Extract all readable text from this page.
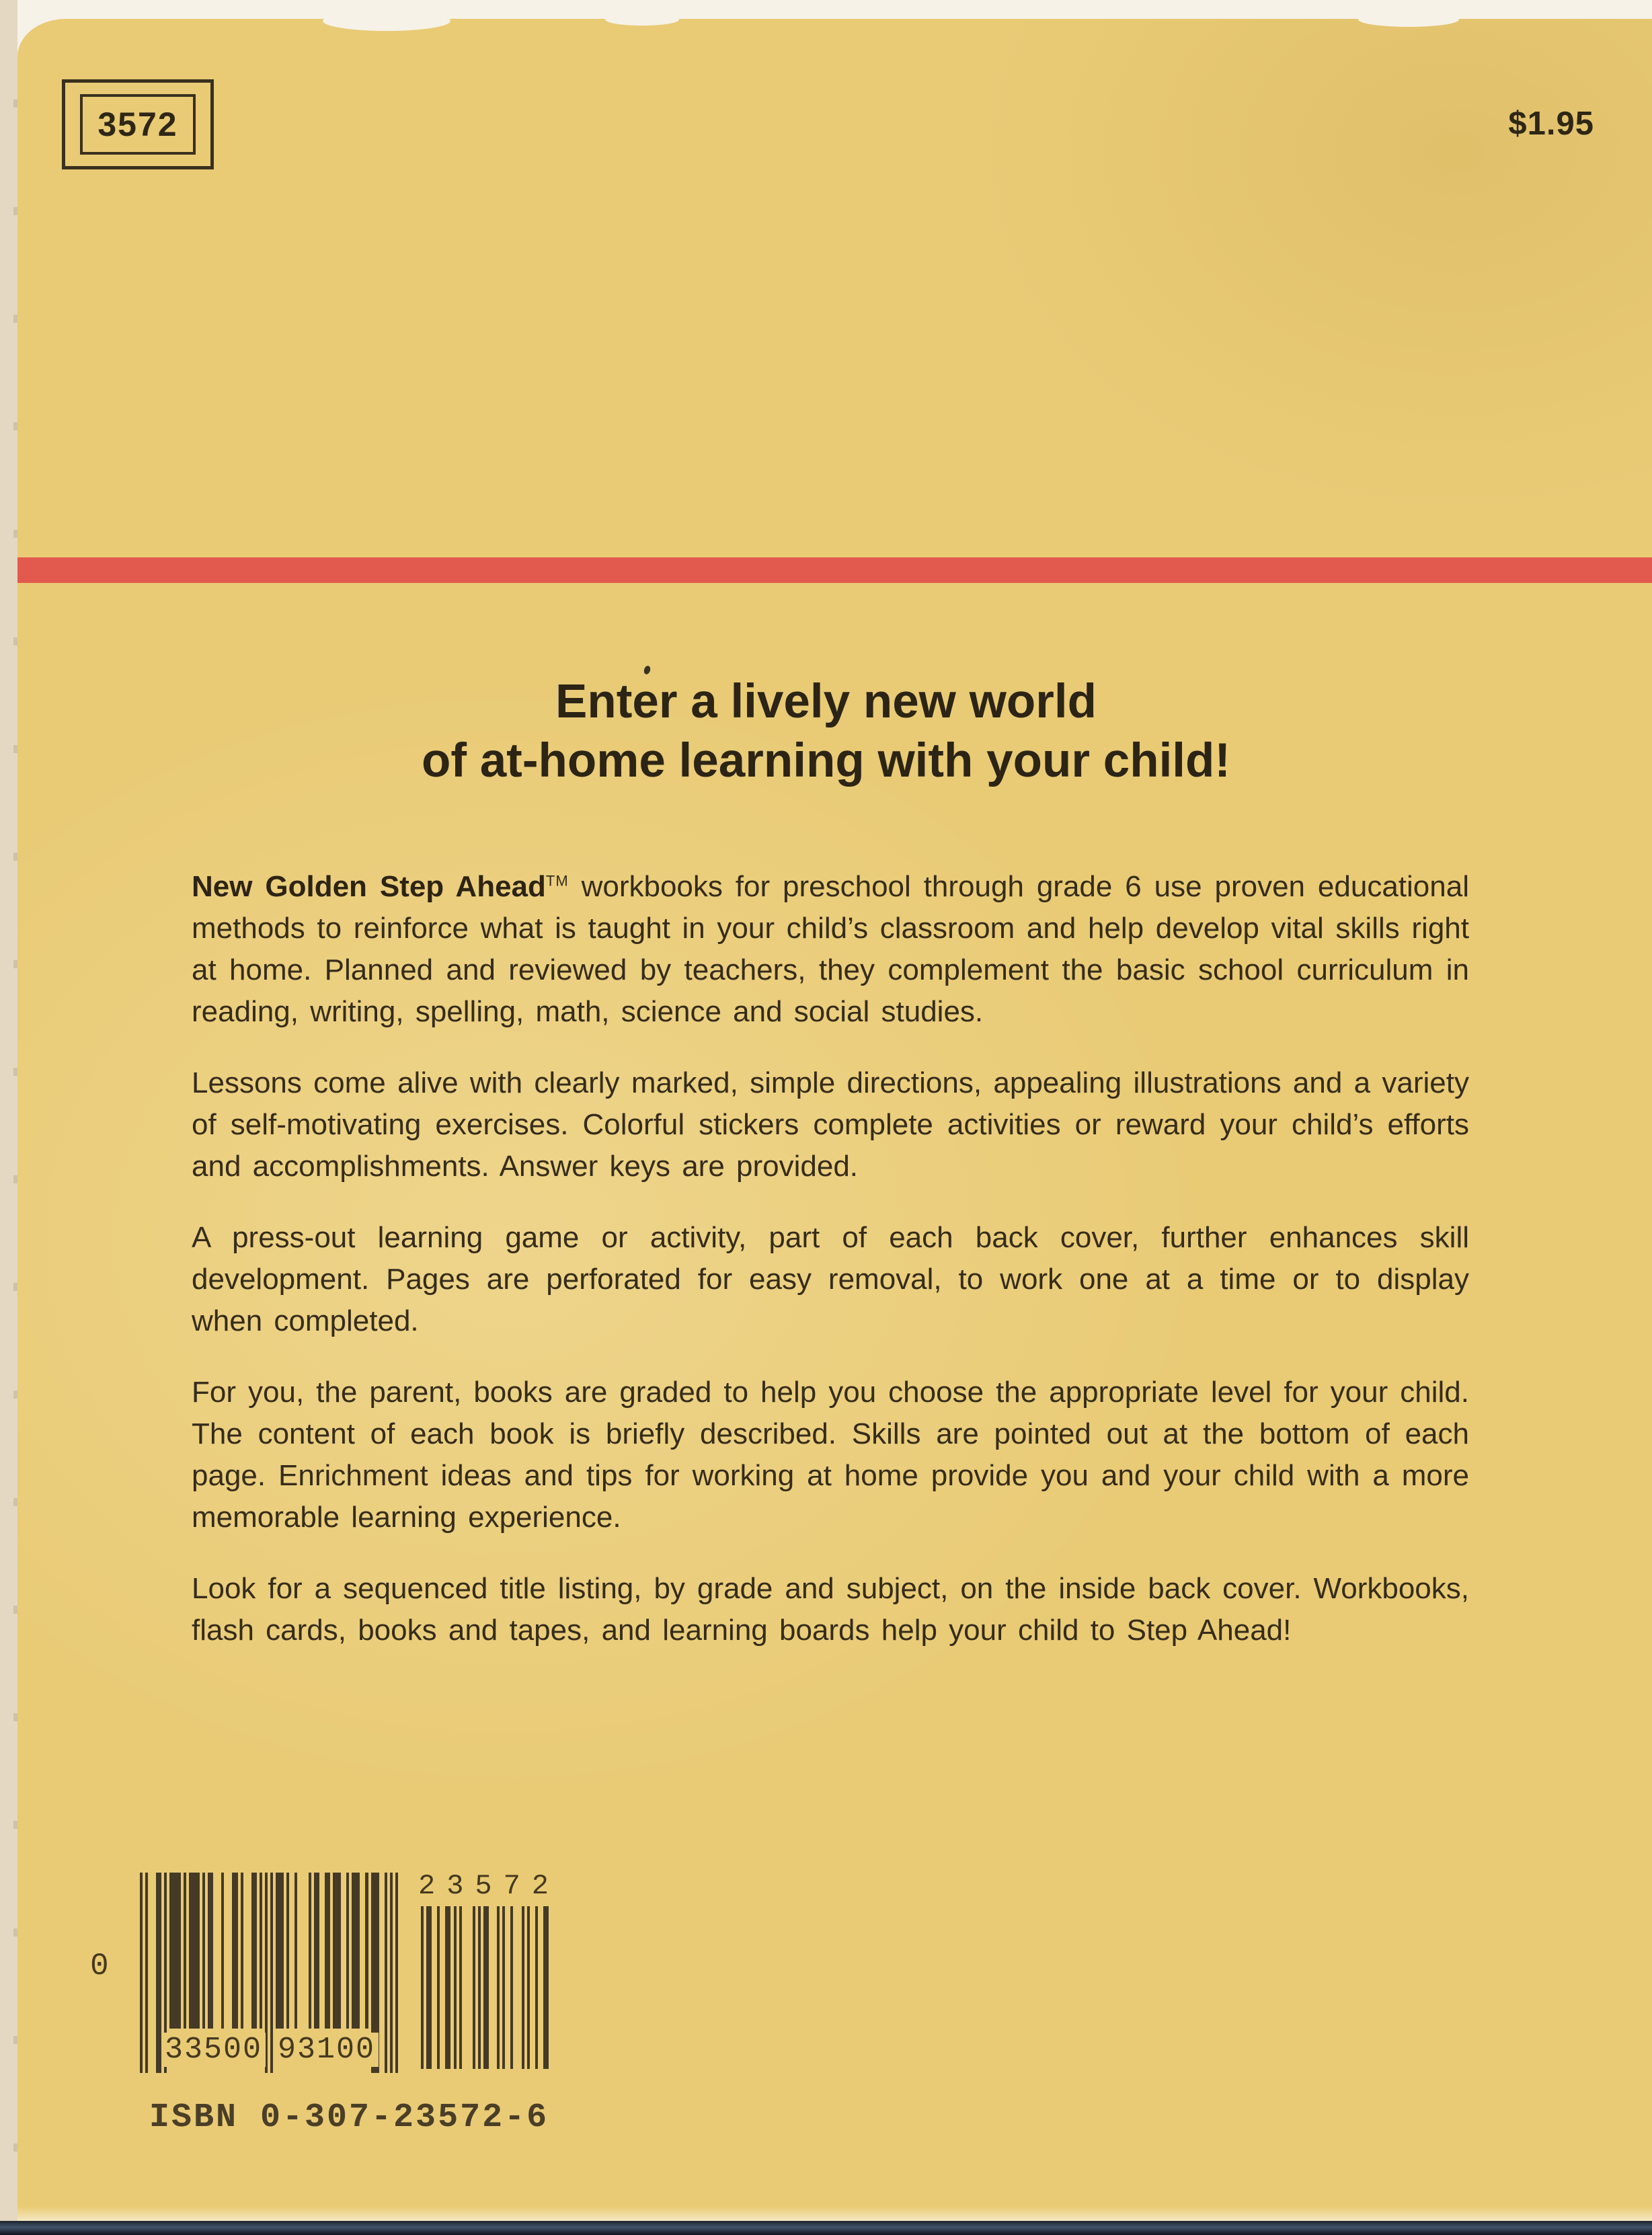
3572	$1.95
Enter a lively new world
of at-home learning with your child!

New Golden Step Ahead™ workbooks for preschool through grade 6 use proven educational methods to reinforce what is taught in your child’s classroom and help develop vital skills right at home. Planned and reviewed by teachers, they complement the basic school curriculum in reading, writing, spelling, math, science and social studies.

Lessons come alive with clearly marked, simple directions, appealing illustrations and a variety of self-motivating exercises. Colorful stickers complete activities or reward your child’s efforts and accomplishments. Answer keys are provided.

A press-out learning game or activity, part of each back cover, further enhances skill development. Pages are perforated for easy removal, to work one at a time or to display when completed.

For you, the parent, books are graded to help you choose the appropriate level for your child. The content of each book is briefly described. Skills are pointed out at the bottom of each page. Enrichment ideas and tips for working at home provide you and your child with a more memorable learning experience.

Look for a sequenced title listing, by grade and subject, on the inside back cover. Workbooks, flash cards, books and tapes, and learning boards help your child to Step Ahead!

0
33500 93100
2 3 5 7 2
ISBN 0-307-23572-6
